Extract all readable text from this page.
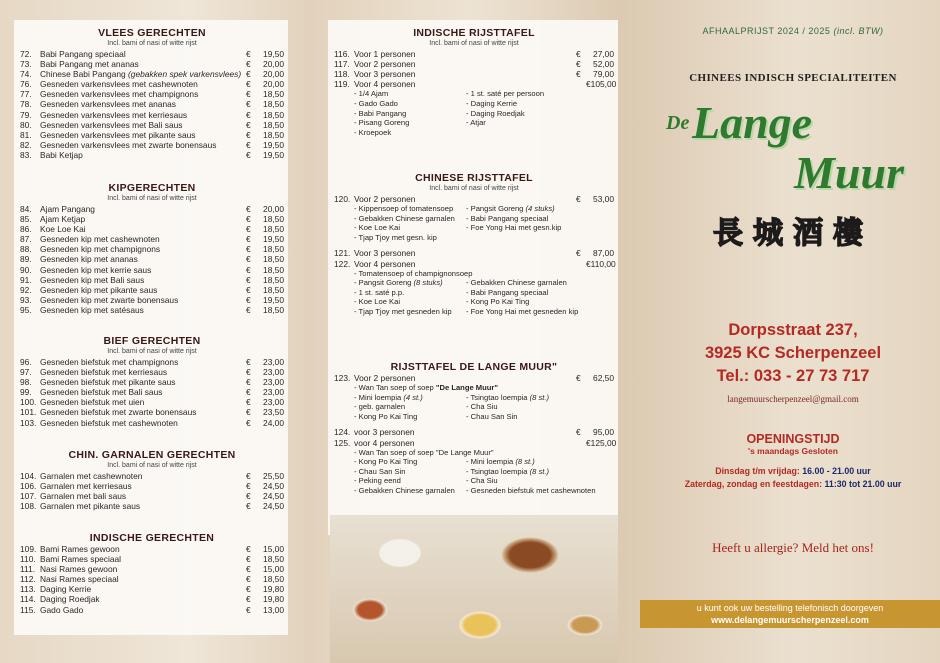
VLEES GERECHTEN
Incl. bami of nasi of witte rijst
72. Babi Pangang speciaal	€	19,50
73. Babi Pangang met ananas	€	20,00
74. Chinese Babi Pangang (gebakken spek varkensvlees) €	20,00
76. Gesneden varkensvlees met cashewnoten	€	20,00
77. Gesneden varkensvlees met champignons	€	18,50
78. Gesneden varkensvlees met ananas	€	18,50
79. Gesneden varkensvlees met kerriesaus	€	18,50
80. Gesneden varkensvlees met Bali saus	€	18,50
81. Gesneden varkensvlees met pikante saus	€	18,50
82. Gesneden varkensvlees met zwarte bonensaus	€	19,50
83. Babi Ketjap	€	19,50
KIPGERECHTEN
Incl. bami of nasi of witte rijst
84. Ajam Pangang	€	20,00
85. Ajam Ketjap	€	18,50
86. Koe Loe Kai	€	18,50
87. Gesneden kip met cashewnoten	€	19,50
88. Gesneden kip met champignons	€	18,50
89. Gesneden kip met ananas	€	18,50
90. Gesneden kip met kerrie saus	€	18,50
91. Gesneden kip met Bali saus	€	18,50
92. Gesneden kip met pikante saus	€	18,50
93. Gesneden kip met zwarte bonensaus	€	19,50
95. Gesneden kip met satésaus	€	18,50
BIEF GERECHTEN
Incl. bami of nasi of witte rijst
96. Gesneden biefstuk met champignons	€	23,00
97. Gesneden biefstuk met kerriesaus	€	23,00
98. Gesneden biefstuk met pikante saus	€	23,00
99. Gesneden biefstuk met Bali saus	€	23,00
100. Gesneden biefstuk met uien	€	23,00
101. Gesneden biefstuk met zwarte bonensaus	€	23,50
103. Gesneden biefstuk met cashewnoten	€	24,00
CHIN. GARNALEN GERECHTEN
Incl. bami of nasi of witte rijst
104. Garnalen met cashewnoten	€	25,50
106. Garnalen met kerriesaus	€	24,50
107. Garnalen met bali saus	€	24,50
108. Garnalen met pikante saus	€	24,50
INDISCHE GERECHTEN
109. Bami Rames gewoon	€	15,00
110. Bami Rames speciaal	€	18,50
111. Nasi Rames gewoon	€	15,00
112. Nasi Rames speciaal	€	18,50
113. Daging Kerrie	€	19,80
114. Daging Roedjak	€	19,80
115. Gado Gado	€	13,00
INDISCHE RIJSTTAFEL
Incl. bami of nasi of witte rijst
116. Voor 1 personen	€	27,00
117. Voor 2 personen	€	52,00
118. Voor 3 personen	€	79,00
119. Voor 4 personen	€105,00
- 1/4 Ajam	- 1 st. saté per persoon
- Gado Gado	- Daging Kerrie
- Babi Pangang	- Daging Roedjak
- Pisang Goreng	- Atjar
- Kroepoek
CHINESE RIJSTTAFEL
Incl. bami of nasi of witte rijst
120. Voor 2 personen	€	53,00
- Kippensoep of tomatensoep	- Pangsit Goreng (4 stuks)
- Gebakken Chinese garnalen	- Babi Pangang speciaal
- Koe Loe Kai	- Foe Yong Hai met gesn.kip
- Tjap Tjoy met gesn. kip
121. Voor 3 personen	€	87,00
122. Voor 4 personen	€110,00
- Tomatensoep of champignonsoep
- Pangsit Goreng (8 stuks)	- Gebakken Chinese garnalen
- 1 st. saté p.p.	- Babi Pangang speciaal
- Koe Loe Kai	- Kong Po Kai Ting
- Tjap Tjoy met gesneden kip	- Foe Yong Hai met gesneden kip
RIJSTTAFEL DE LANGE MUUR"
123. Voor 2 personen	€	62,50
- Wan Tan soep of soep "De Lange Muur"
- Mini loempia (4 st.)	- Tsingtao loempia (8 st.)
- geb. garnalen	- Cha Siu
- Kong Po Kai Ting	- Chau San Sin
124. voor 3 personen	€	95,00
125. voor 4 personen	€125,00
- Wan Tan soep of soep "De Lange Muur"
- Kong Po Kai Ting	- Mini loempia (8 st.)
- Chau San Sin	- Tsingtao loempia (8 st.)
- Peking eend	- Cha Siu
- Gebakken Chinese garnalen	- Gesneden biefstuk met cashewnoten
AFHAALPRIJST 2024 / 2025 (incl. BTW)
CHINEES INDISCH SPECIALITEITEN
De Lange
Muur
長城酒樓
Dorpsstraat 237,
3925 KC Scherpenzeel
Tel.: 033 - 27 73 717
langemuurscherpenzeel@gmail.com
OPENINGSTIJD
's maandags Gesloten
Dinsdag t/m vrijdag: 16.00 - 21.00 uur
Zaterdag, zondag en feestdagen: 11:30 tot 21.00 uur
Heeft u allergie? Meld het ons!
u kunt ook uw bestelling telefonisch doorgeven
www.delangemuurscherpenzeel.com
